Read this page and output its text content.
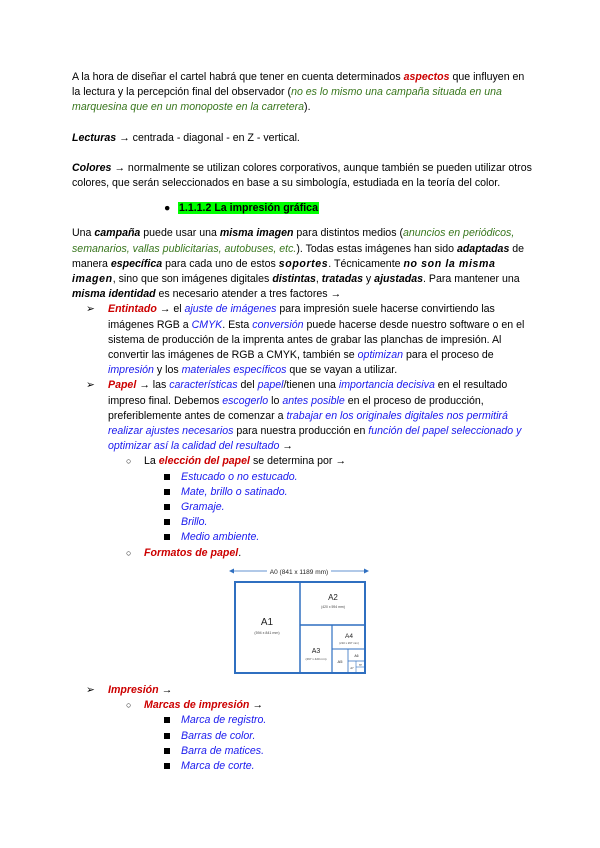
A la hora de diseñar el cartel habrá que tener en cuenta determinados aspectos que influyen en la lectura y la percepción final del observador (no es lo mismo una campaña situada en una marquesina que en un monoposte en la carretera).

Lecturas → centrada - diagonal - en Z - vertical.

Colores → normalmente se utilizan colores corporativos, aunque también se pueden utilizar otros colores, que serán seleccionados en base a su simbología, estudiada en la teoría del color.

● 1.1.1.2 La impresión gráfica

Una campaña puede usar una misma imagen para distintos medios (anuncios en periódicos, semanarios, vallas publicitarias, autobuses, etc.). Todas estas imágenes han sido adaptadas de manera específica para cada uno de estos soportes. Técnicamente no son la misma imagen, sino que son imágenes digitales distintas, tratadas y ajustadas. Para mantener una misma identidad es necesario atender a tres factores →

➢ Entintado → el ajuste de imágenes para impresión suele hacerse convirtiendo las imágenes RGB a CMYK. Esta conversión puede hacerse desde nuestro software o en el sistema de producción de la imprenta antes de grabar las planchas de impresión. Al convertir las imágenes de RGB a CMYK, también se optimizan para el proceso de impresión y los materiales específicos que se vayan a utilizar.
➢ Papel → las características del papel/tienen una importancia decisiva en el resultado impreso final. Debemos escogerlo lo antes posible en el proceso de producción, preferiblemente antes de comenzar a trabajar en los originales digitales nos permitirá realizar ajustes necesarios para nuestra producción en función del papel seleccionado y optimizar así la calidad del resultado →
○ La elección del papel se determina por →
Estucado o no estucado.
Mate, brillo o satinado.
Gramaje.
Brillo.
Medio ambiente.
○ Formatos de papel.
A0 (841 x 1189 mm)
A1
(594 x 841 mm)
A2
(420 x 594 mm)
A3
(297 x 420 mm)
A4
(210 x 297 mm)
A5
A6
A7
A8
➢ Impresión →
○ Marcas de impresión →
Marca de registro.
Barras de color.
Barra de matices.
Marca de corte.
